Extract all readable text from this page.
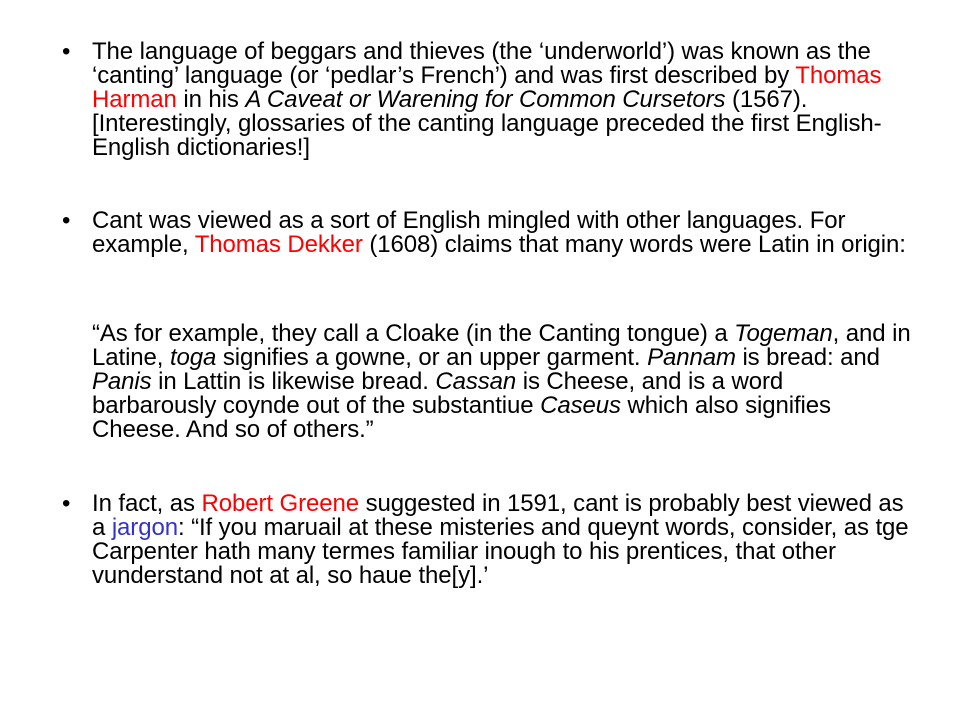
• The language of beggars and thieves (the ‘underworld’) was known as the ‘canting’ language (or ‘pedlar’s French’) and was first described by Thomas Harman in his A Caveat or Warening for Common Cursetors (1567). [Interestingly, glossaries of the canting language preceded the first English-English dictionaries!]
• Cant was viewed as a sort of English mingled with other languages. For example, Thomas Dekker (1608) claims that many words were Latin in origin:
“As for example, they call a Cloake (in the Canting tongue) a Togeman, and in Latine, toga signifies a gowne, or an upper garment. Pannam is bread: and Panis in Lattin is likewise bread. Cassan is Cheese, and is a word barbarously coynde out of the substantiue Caseus which also signifies Cheese. And so of others.”
• In fact, as Robert Greene suggested in 1591, cant is probably best viewed as a jargon: “If you maruail at these misteries and queynt words, consider, as tge Carpenter hath many termes familiar inough to his prentices, that other vunderstand not at al, so haue the[y].’
